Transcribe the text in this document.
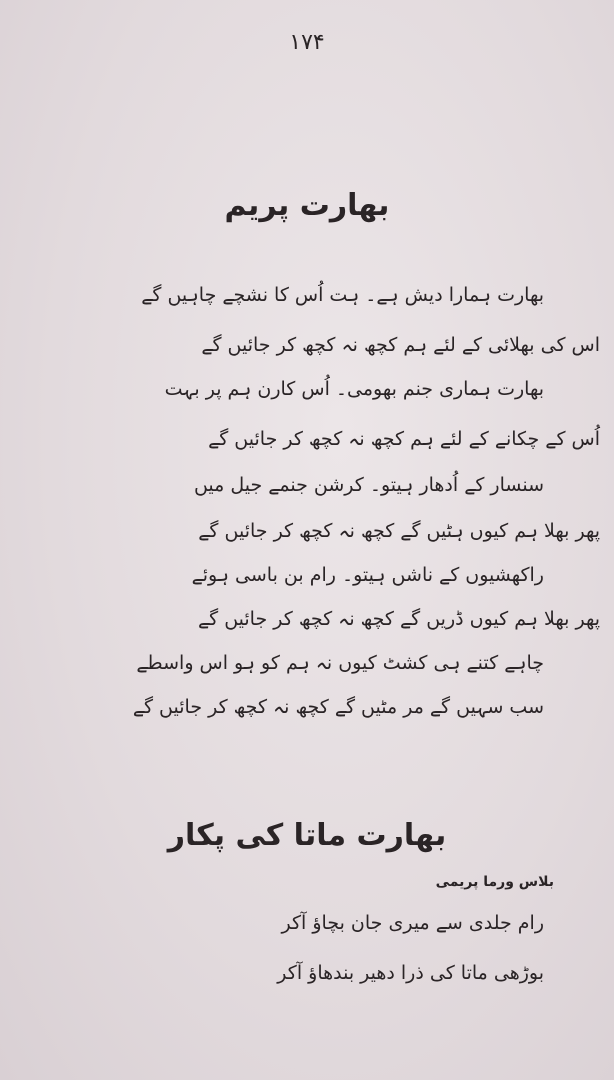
۱۷۴
بھارت پریم
بھارت ہمارا دیش ہے۔ ہت اُس کا نشچے چاہیں گے
اس کی بھلائی کے لئے ہم کچھ نہ کچھ کر جائیں گے
بھارت ہماری جنم بھومی۔ اُس کارن ہم پر بہت
اُس کے چکانے کے لئے ہم کچھ نہ کچھ کر جائیں گے
سنسار کے اُدھار ہیتو۔ کرشن جنمے جیل میں
پھر بھلا ہم کیوں ہٹیں گے کچھ نہ کچھ کر جائیں گے
راکھشیوں کے ناشں ہیتو۔ رام بن باسی ہوئے
پھر بھلا ہم کیوں ڈریں گے کچھ نہ کچھ کر جائیں گے
چاہے کتنے ہی کشٹ کیوں نہ ہم کو ہو اس واسطے
سب سہیں گے مر مٹیں گے کچھ نہ کچھ کر جائیں گے
بھارت ماتا کی پکار
بلاس ورما پریمی
رام جلدی سے میری جان بچاؤ آکر
بوڑھی ماتا کی ذرا دھیر بندھاؤ آکر
